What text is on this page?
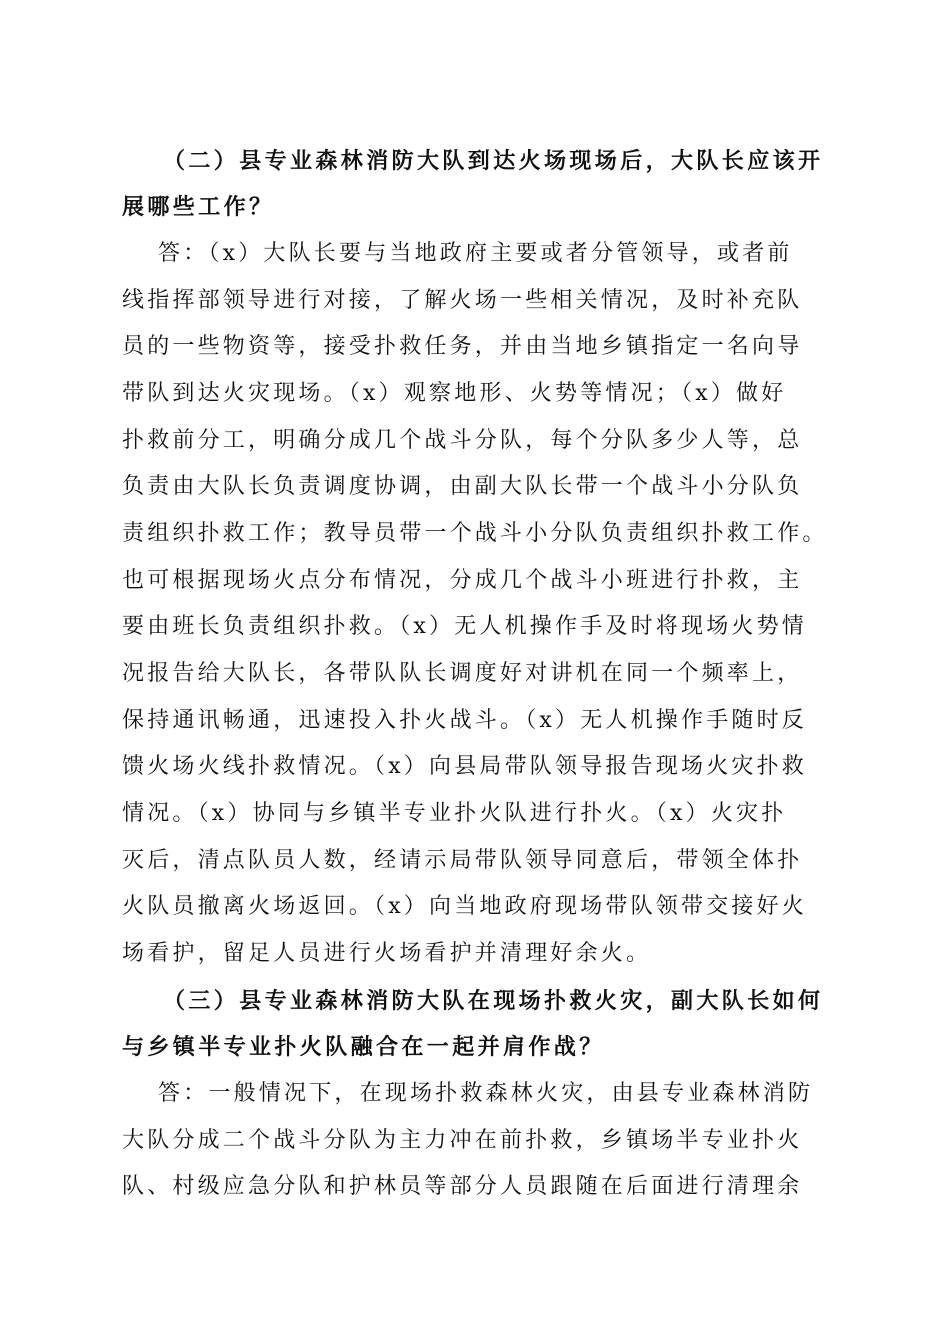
（二）县专业森林消防大队到达火场现场后，大队长应该开
展哪些工作？
答：（x）大队长要与当地政府主要或者分管领导，或者前
线指挥部领导进行对接，了解火场一些相关情况，及时补充队
员的一些物资等，接受扑救任务，并由当地乡镇指定一名向导
带队到达火灾现场。（x）观察地形、火势等情况；（x）做好
扑救前分工，明确分成几个战斗分队，每个分队多少人等，总
负责由大队长负责调度协调，由副大队长带一个战斗小分队负
责组织扑救工作；教导员带一个战斗小分队负责组织扑救工作。
也可根据现场火点分布情况，分成几个战斗小班进行扑救，主
要由班长负责组织扑救。（x）无人机操作手及时将现场火势情
况报告给大队长，各带队队长调度好对讲机在同一个频率上，
保持通讯畅通，迅速投入扑火战斗。（x）无人机操作手随时反
馈火场火线扑救情况。（x）向县局带队领导报告现场火灾扑救
情况。（x）协同与乡镇半专业扑火队进行扑火。（x）火灾扑
灭后，清点队员人数，经请示局带队领导同意后，带领全体扑
火队员撤离火场返回。（x）向当地政府现场带队领带交接好火
场看护，留足人员进行火场看护并清理好余火。
（三）县专业森林消防大队在现场扑救火灾，副大队长如何
与乡镇半专业扑火队融合在一起并肩作战？
答：一般情况下，在现场扑救森林火灾，由县专业森林消防
大队分成二个战斗分队为主力冲在前扑救，乡镇场半专业扑火
队、村级应急分队和护林员等部分人员跟随在后面进行清理余
